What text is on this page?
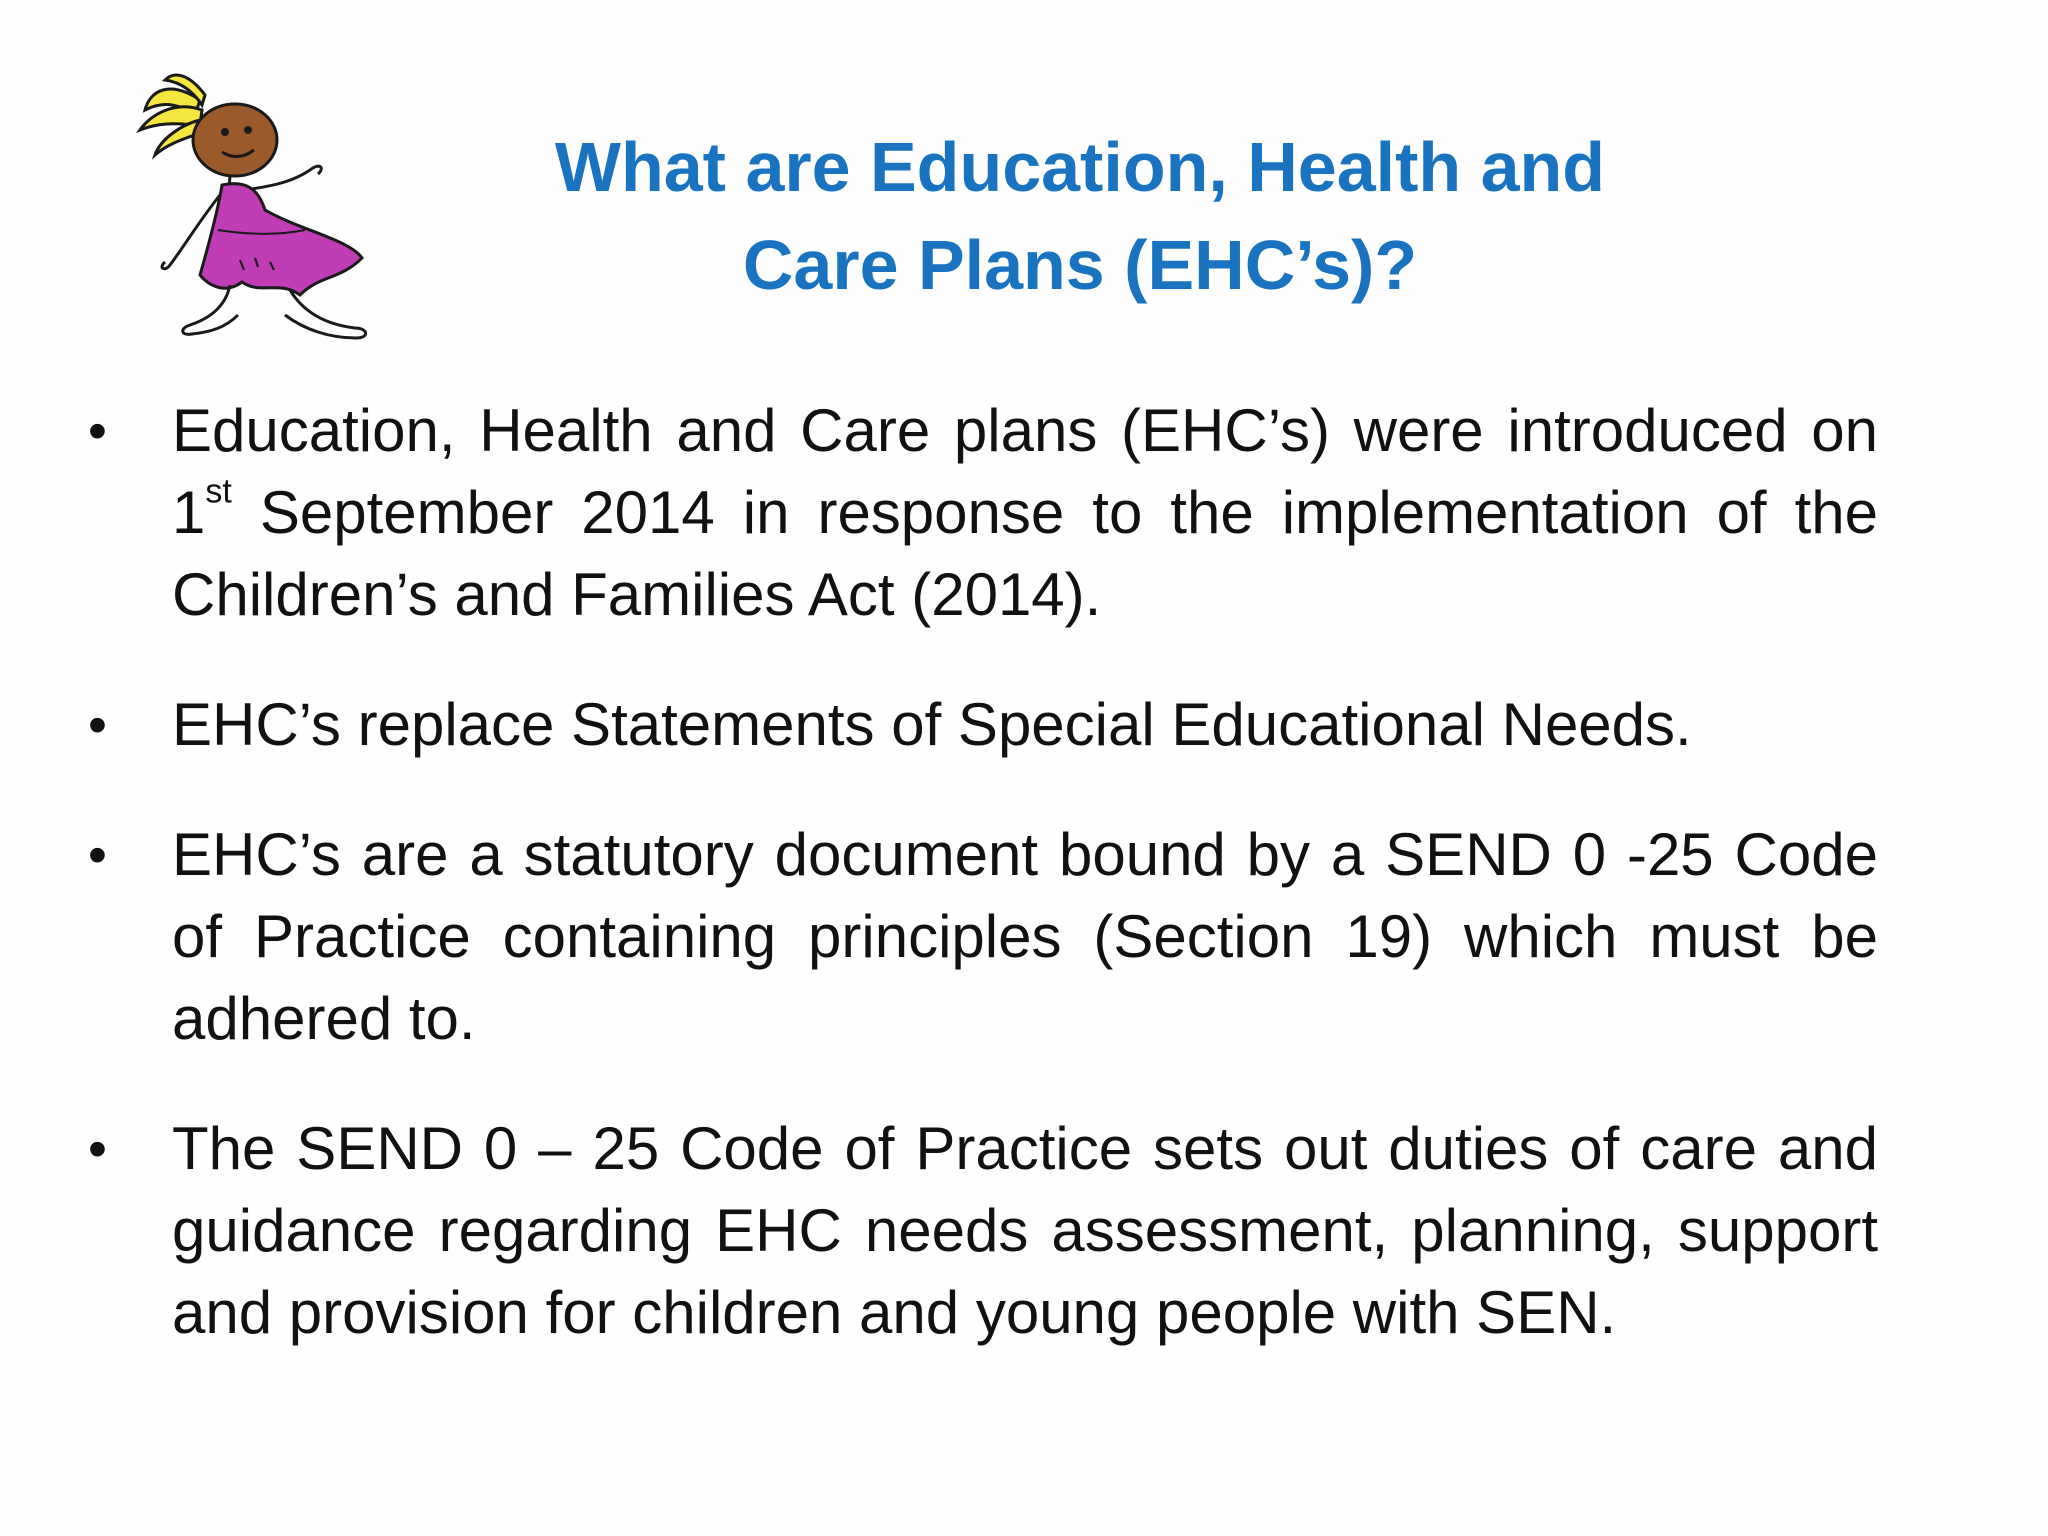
What are Education, Health and
Care Plans (EHC’s)?
•	Education, Health and Care plans (EHC’s) were introduced on 1st September 2014 in response to the implementation of the Children’s and Families Act (2014).
•	EHC’s replace Statements of Special Educational Needs.
•	EHC’s are a statutory document bound by a SEND 0 -25 Code of Practice containing principles (Section 19) which must be adhered to.
•	The SEND 0 – 25 Code of Practice sets out duties of care and guidance regarding EHC needs assessment, planning, support and provision for children and young people with SEN.
